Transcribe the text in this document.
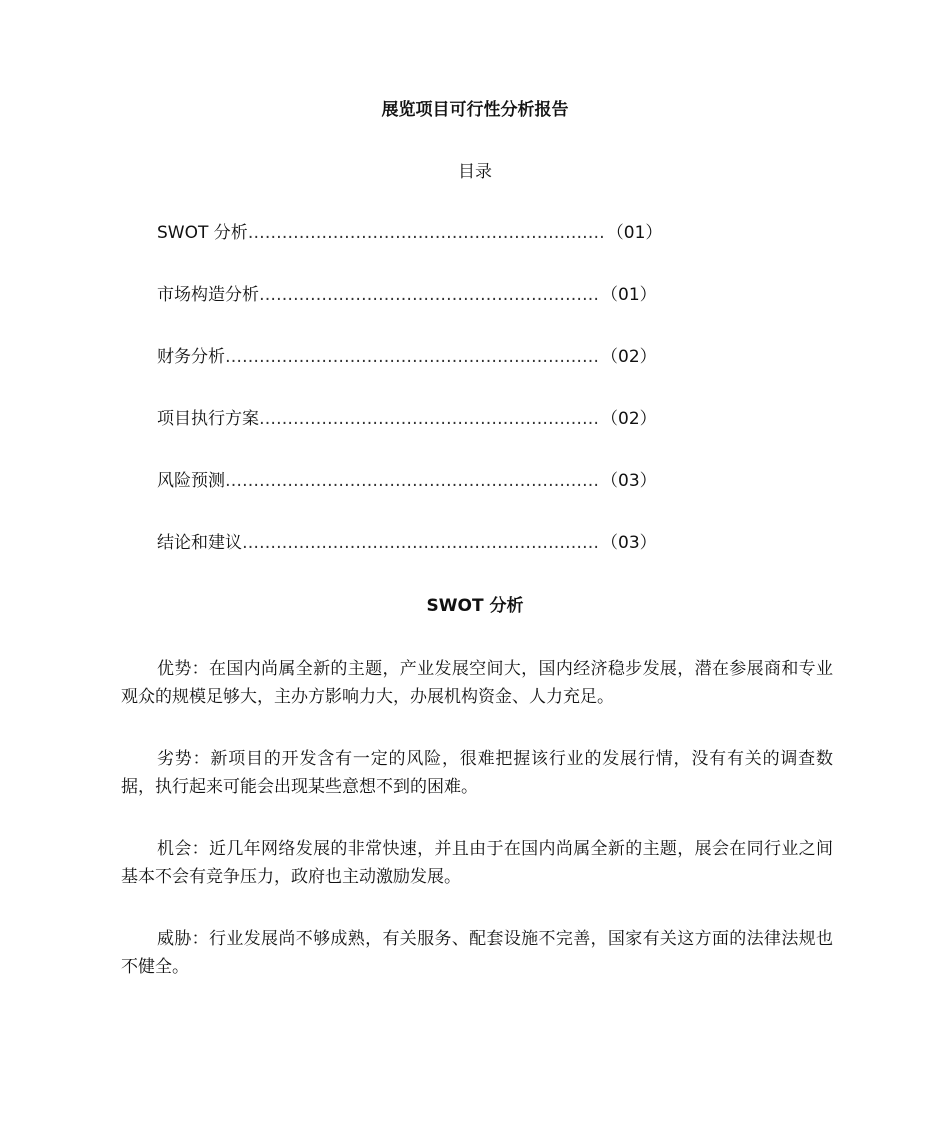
展览项目可行性分析报告
目录
SWOT 分析 ……………………………………………………… （01）
市场构造分析 …………………………………………………… （01）
财务分析 ………………………………………………………… （02）
项目执行方案 …………………………………………………… （02）
风险预测 ………………………………………………………… （03）
结论和建议 ……………………………………………………… （03）
SWOT 分析

优势：在国内尚属全新的主题，产业发展空间大，国内经济稳步发展，潜在参展商和专业观众的规模足够大，主办方影响力大，办展机构资金、人力充足。

劣势：新项目的开发含有一定的风险，很难把握该行业的发展行情，没有有关的调查数据，执行起来可能会出现某些意想不到的困难。

机会：近几年网络发展的非常快速，并且由于在国内尚属全新的主题，展会在同行业之间基本不会有竞争压力，政府也主动激励发展。

威胁：行业发展尚不够成熟，有关服务、配套设施不完善，国家有关这方面的法律法规也不健全。
